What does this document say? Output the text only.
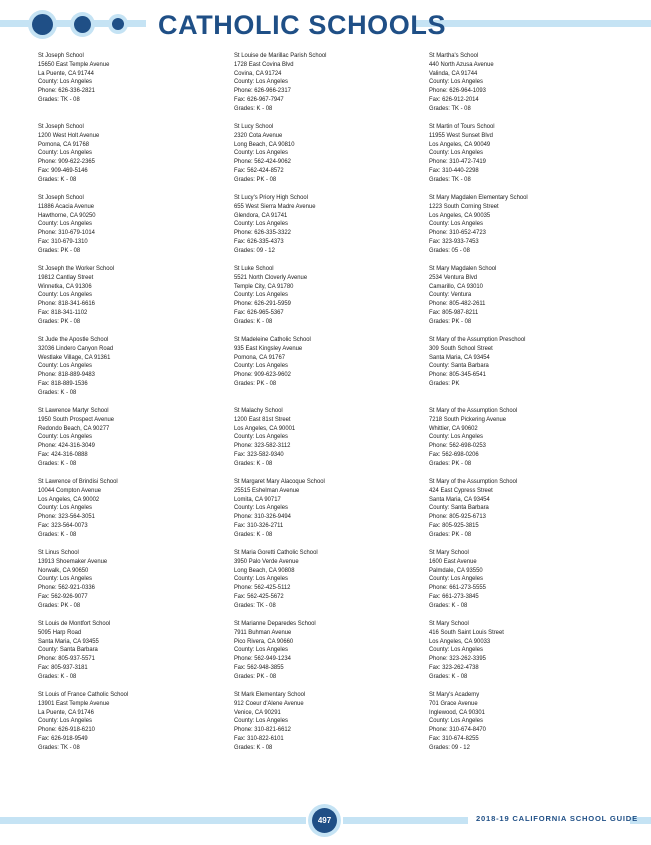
CATHOLIC SCHOOLS
St Joseph School
15650 East Temple Avenue
La Puente, CA 91744
County: Los Angeles
Phone: 626-336-2821
Grades: TK - 08
St Joseph School
1200 West Holt Avenue
Pomona, CA 91768
County: Los Angeles
Phone: 909-622-2365
Fax: 909-469-5146
Grades: K - 08
St Joseph School
11886 Acacia Avenue
Hawthorne, CA 90250
County: Los Angeles
Phone: 310-679-1014
Fax: 310-679-1310
Grades: PK - 08
St Joseph the Worker School
19812 Cantlay Street
Winnetka, CA 91306
County: Los Angeles
Phone: 818-341-6616
Fax: 818-341-1102
Grades: PK - 08
St Jude the Apostle School
32036 Lindero Canyon Road
Westlake Village, CA 91361
County: Los Angeles
Phone: 818-889-9483
Fax: 818-889-1536
Grades: K - 08
St Lawrence Martyr School
1950 South Prospect Avenue
Redondo Beach, CA 90277
County: Los Angeles
Phone: 424-316-3049
Fax: 424-316-0888
Grades: K - 08
St Lawrence of Brindisi School
10044 Compton Avenue
Los Angeles, CA 90002
County: Los Angeles
Phone: 323-564-3051
Fax: 323-564-0073
Grades: K - 08
St Linus School
13913 Shoemaker Avenue
Norwalk, CA 90650
County: Los Angeles
Phone: 562-921-0336
Fax: 562-926-9077
Grades: PK - 08
St Louis de Montfort School
5095 Harp Road
Santa Maria, CA 93455
County: Santa Barbara
Phone: 805-937-5571
Fax: 805-937-3181
Grades: K - 08
St Louis of France Catholic School
13901 East Temple Avenue
La Puente, CA 91746
County: Los Angeles
Phone: 626-918-6210
Fax: 626-918-9549
Grades: TK - 08
St Louise de Marillac Parish School
1728 East Covina Blvd
Covina, CA 91724
County: Los Angeles
Phone: 626-966-2317
Fax: 626-967-7947
Grades: K - 08
St Lucy School
2320 Cota Avenue
Long Beach, CA 90810
County: Los Angeles
Phone: 562-424-9062
Fax: 562-424-8572
Grades: PK - 08
St Lucy's Priory High School
655 West Sierra Madre Avenue
Glendora, CA 91741
County: Los Angeles
Phone: 626-335-3322
Fax: 626-335-4373
Grades: 09 - 12
St Luke School
5521 North Cloverly Avenue
Temple City, CA 91780
County: Los Angeles
Phone: 626-291-5959
Fax: 626-965-5367
Grades: K - 08
St Madeleine Catholic School
935 East Kingsley Avenue
Pomona, CA 91767
County: Los Angeles
Phone: 909-623-9602
Grades: PK - 08
St Malachy School
1200 East 81st Street
Los Angeles, CA 90001
County: Los Angeles
Phone: 323-582-3112
Fax: 323-582-9340
Grades: K - 08
St Margaret Mary Alacoque School
25515 Eshelman Avenue
Lomita, CA 90717
County: Los Angeles
Phone: 310-326-9494
Fax: 310-326-2711
Grades: K - 08
St Maria Goretti Catholic School
3950 Palo Verde Avenue
Long Beach, CA 90808
County: Los Angeles
Phone: 562-425-5112
Fax: 562-425-5672
Grades: TK - 08
St Marianne Deparedes School
7911 Buhman Avenue
Pico Rivera, CA 90660
County: Los Angeles
Phone: 562-949-1234
Fax: 562-948-3855
Grades: PK - 08
St Mark Elementary School
912 Coeur d'Alene Avenue
Venice, CA 90291
County: Los Angeles
Phone: 310-821-6612
Fax: 310-822-6101
Grades: K - 08
St Martha's School
440 North Azusa Avenue
Valinda, CA 91744
County: Los Angeles
Phone: 626-964-1093
Fax: 626-912-2014
Grades: TK - 08
St Martin of Tours School
11955 West Sunset Blvd
Los Angeles, CA 90049
County: Los Angeles
Phone: 310-472-7419
Fax: 310-440-2298
Grades: TK - 08
St Mary Magdalen Elementary School
1223 South Corning Street
Los Angeles, CA 90035
County: Los Angeles
Phone: 310-652-4723
Fax: 323-933-7453
Grades: 05 - 08
St Mary Magdalen School
2534 Ventura Blvd
Camarillo, CA 93010
County: Ventura
Phone: 805-482-2611
Fax: 805-987-8211
Grades: PK - 08
St Mary of the Assumption Preschool
309 South School Street
Santa Maria, CA 93454
County: Santa Barbara
Phone: 805-345-6541
Grades: PK
St Mary of the Assumption School
7218 South Pickering Avenue
Whittier, CA 90602
County: Los Angeles
Phone: 562-698-0253
Fax: 562-698-0206
Grades: PK - 08
St Mary of the Assumption School
424 East Cypress Street
Santa Maria, CA 93454
County: Santa Barbara
Phone: 805-925-6713
Fax: 805-925-3815
Grades: PK - 08
St Mary School
1600 East Avenue
Palmdale, CA 93550
County: Los Angeles
Phone: 661-273-5555
Fax: 661-273-3845
Grades: K - 08
St Mary School
416 South Saint Louis Street
Los Angeles, CA 90033
County: Los Angeles
Phone: 323-262-3395
Fax: 323-262-4738
Grades: K - 08
St Mary's Academy
701 Grace Avenue
Inglewood, CA 90301
County: Los Angeles
Phone: 310-674-8470
Fax: 310-674-8255
Grades: 09 - 12
497	2018-19 CALIFORNIA SCHOOL GUIDE
